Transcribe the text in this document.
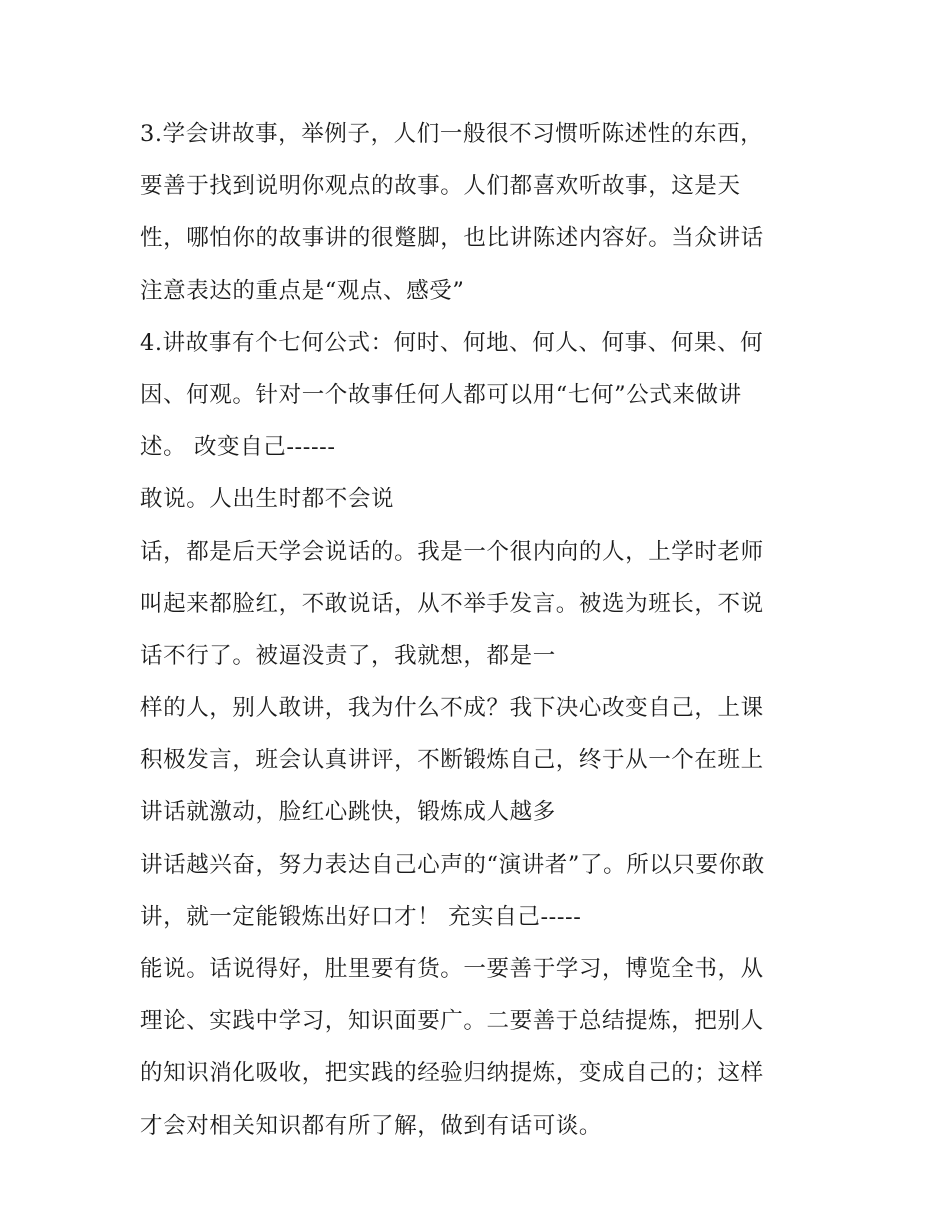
3.学会讲故事，举例子，人们一般很不习惯听陈述性的东西，
要善于找到说明你观点的故事。人们都喜欢听故事，这是天
性，哪怕你的故事讲的很蹩脚，也比讲陈述内容好。当众讲话
注意表达的重点是“观点、感受”
4.讲故事有个七何公式：何时、何地、何人、何事、何果、何
因、何观。针对一个故事任何人都可以用“七何”公式来做讲
述。 改变自己------
敢说。人出生时都不会说
话，都是后天学会说话的。我是一个很内向的人，上学时老师
叫起来都脸红，不敢说话，从不举手发言。被选为班长，不说
话不行了。被逼没责了，我就想，都是一
样的人，别人敢讲，我为什么不成？我下决心改变自己，上课
积极发言，班会认真讲评，不断锻炼自己，终于从一个在班上
讲话就激动，脸红心跳快，锻炼成人越多
讲话越兴奋，努力表达自己心声的“演讲者”了。所以只要你敢
讲，就一定能锻炼出好口才！ 充实自己-----
能说。话说得好，肚里要有货。一要善于学习，博览全书，从
理论、实践中学习，知识面要广。二要善于总结提炼，把别人
的知识消化吸收，把实践的经验归纳提炼，变成自己的；这样
才会对相关知识都有所了解，做到有话可谈。
